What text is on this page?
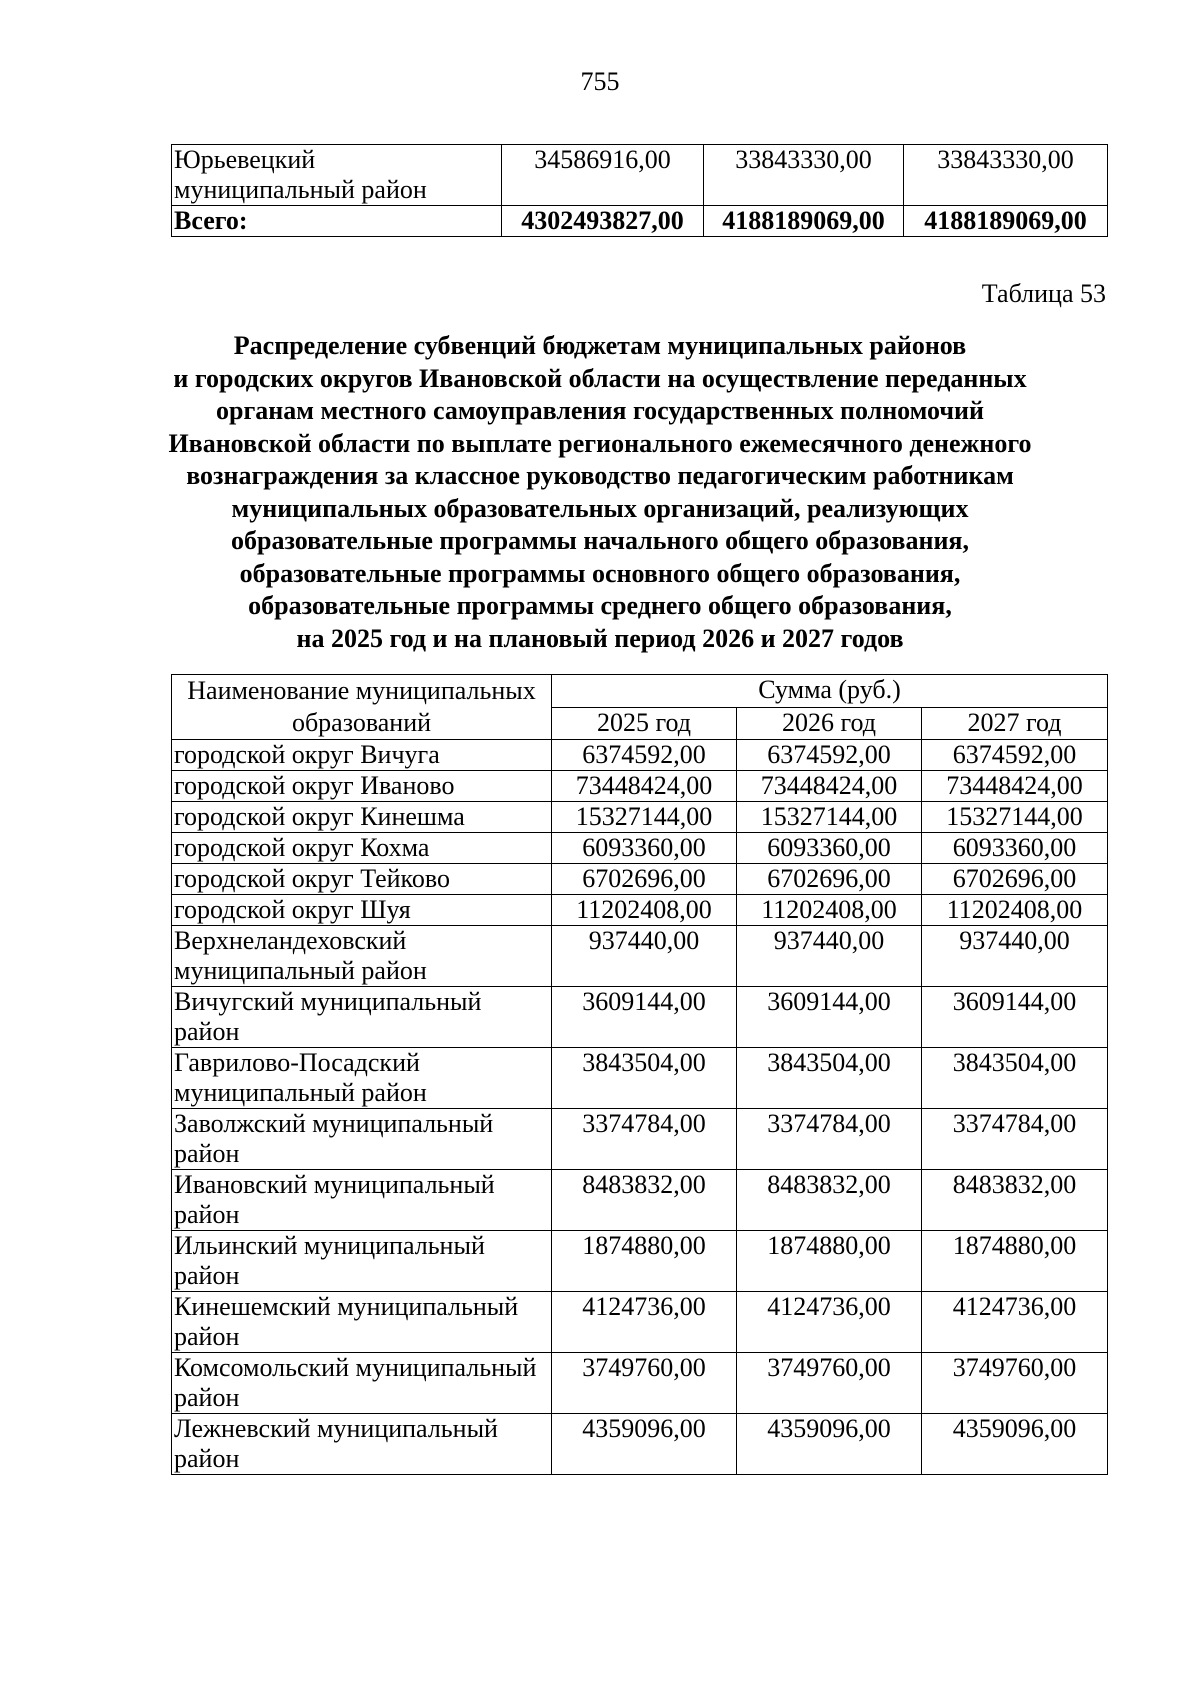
755
Юрьевецкий муниципальный район	34586916,00	33843330,00	33843330,00
Всего:	4302493827,00	4188189069,00	4188189069,00
Таблица 53
Распределение субвенций бюджетам муниципальных районов
и городских округов Ивановской области на осуществление переданных
органам местного самоуправления государственных полномочий
Ивановской области по выплате регионального ежемесячного денежного
вознаграждения за классное руководство педагогическим работникам
муниципальных образовательных организаций, реализующих
образовательные программы начального общего образования,
образовательные программы основного общего образования,
образовательные программы среднего общего образования,
на 2025 год и на плановый период 2026 и 2027 годов
Наименование муниципальных образований	Сумма (руб.)		
	2025 год	2026 год	2027 год
городской округ Вичуга	6374592,00	6374592,00	6374592,00
городской округ Иваново	73448424,00	73448424,00	73448424,00
городской округ Кинешма	15327144,00	15327144,00	15327144,00
городской округ Кохма	6093360,00	6093360,00	6093360,00
городской округ Тейково	6702696,00	6702696,00	6702696,00
городской округ Шуя	11202408,00	11202408,00	11202408,00
Верхнеландеховский муниципальный район	937440,00	937440,00	937440,00
Вичугский муниципальный район	3609144,00	3609144,00	3609144,00
Гаврилово-Посадский муниципальный район	3843504,00	3843504,00	3843504,00
Заволжский муниципальный район	3374784,00	3374784,00	3374784,00
Ивановский муниципальный район	8483832,00	8483832,00	8483832,00
Ильинский муниципальный район	1874880,00	1874880,00	1874880,00
Кинешемский муниципальный район	4124736,00	4124736,00	4124736,00
Комсомольский муниципальный район	3749760,00	3749760,00	3749760,00
Лежневский муниципальный район	4359096,00	4359096,00	4359096,00
